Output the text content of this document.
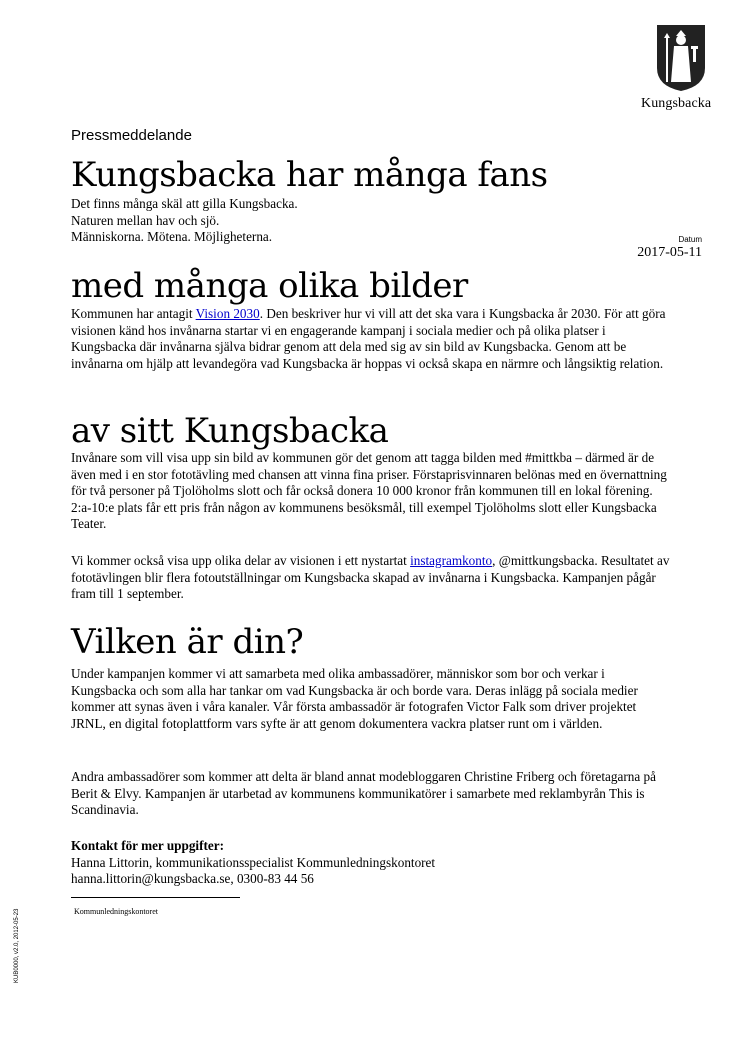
Kungsbacka
Pressmeddelande
Kungsbacka har många fans
Det finns många skäl att gilla Kungsbacka.
Naturen mellan hav och sjö.
Människorna. Mötena. Möjligheterna.	Datum
2017-05-11
med många olika bilder

Kommunen har antagit Vision 2030. Den beskriver hur vi vill att det ska vara i Kungsbacka år 2030. För att göra visionen känd hos invånarna startar vi en engagerande kampanj i sociala medier och på olika platser i Kungsbacka där invånarna själva bidrar genom att dela med sig av sin bild av Kungsbacka. Genom att be invånarna om hjälp att levandegöra vad Kungsbacka är hoppas vi också skapa en närmre och långsiktig relation.

av sitt Kungsbacka

Invånare som vill visa upp sin bild av kommunen gör det genom att tagga bilden med #mittkba – därmed är de även med i en stor fototävling med chansen att vinna fina priser. Förstaprisvinnaren belönas med en övernattning för två personer på Tjolöholms slott och får också donera 10 000 kronor från kommunen till en lokal förening. 2:a-10:e plats får ett pris från någon av kommunens besöksmål, till exempel Tjolöholms slott eller Kungsbacka Teater.

Vi kommer också visa upp olika delar av visionen i ett nystartat instagramkonto, @mittkungsbacka. Resultatet av fototävlingen blir flera fotoutställningar om Kungsbacka skapad av invånarna i Kungsbacka. Kampanjen pågår fram till 1 september.

Vilken är din?

Under kampanjen kommer vi att samarbeta med olika ambassadörer, människor som bor och verkar i Kungsbacka och som alla har tankar om vad Kungsbacka är och borde vara. Deras inlägg på sociala medier kommer att synas även i våra kanaler. Vår första ambassadör är fotografen Victor Falk som driver projektet JRNL, en digital fotoplattform vars syfte är att genom dokumentera vackra platser runt om i världen.

Andra ambassadörer som kommer att delta är bland annat modebloggaren Christine Friberg och företagarna på Berit & Elvy. Kampanjen är utarbetad av kommunens kommunikatörer i samarbete med reklambyrån This is Scandinavia.

Kontakt för mer uppgifter:
Hanna Littorin, kommunikationsspecialist Kommunledningskontoret
hanna.littorin@kungsbacka.se, 0300-83 44 56
Kommunledningskontoret
KUB0000, v2.0, 2012-05-23
